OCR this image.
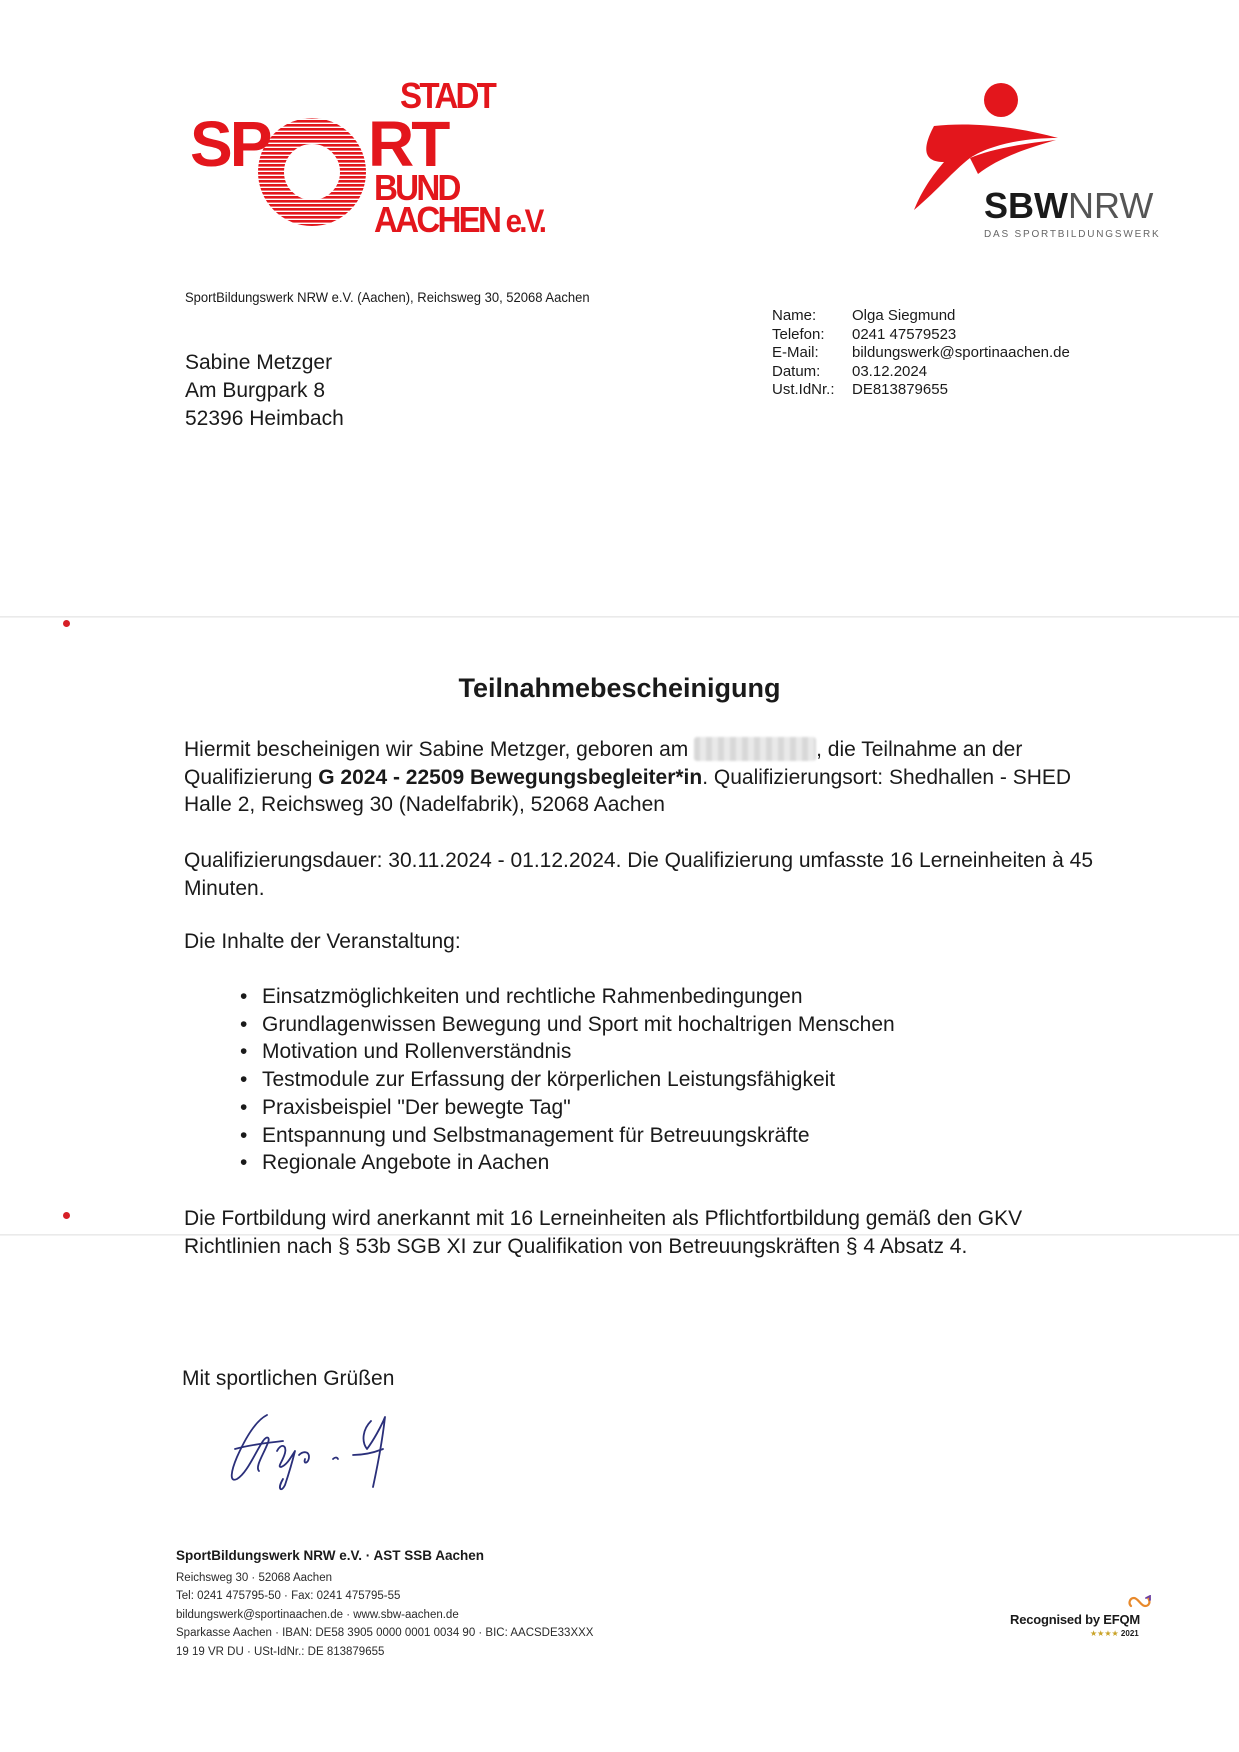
STADT
SP RT
BUND
AACHEN e.V.	SBWNRW
DAS SPORTBILDUNGSWERK
SportBildungswerk NRW e.V. (Aachen), Reichsweg 30, 52068 Aachen
Sabine Metzger
Am Burgpark 8
52396 Heimbach
Name:	Olga Siegmund
Telefon:	0241 47579523
E-Mail:	bildungswerk@sportinaachen.de
Datum:	03.12.2024
Ust.IdNr.:	DE813879655
Teilnahmebescheinigung
Hiermit bescheinigen wir Sabine Metzger, geboren am	, die Teilnahme an der Qualifizierung G 2024 - 22509 Bewegungsbegleiter*in. Qualifizierungsort: Shedhallen - SHED Halle 2, Reichsweg 30 (Nadelfabrik), 52068 Aachen
Qualifizierungsdauer: 30.11.2024 - 01.12.2024. Die Qualifizierung umfasste 16 Lerneinheiten à 45 Minuten.
Die Inhalte der Veranstaltung:
• Einsatzmöglichkeiten und rechtliche Rahmenbedingungen
• Grundlagenwissen Bewegung und Sport mit hochaltrigen Menschen
• Motivation und Rollenverständnis
• Testmodule zur Erfassung der körperlichen Leistungsfähigkeit
• Praxisbeispiel "Der bewegte Tag"
• Entspannung und Selbstmanagement für Betreuungskräfte
• Regionale Angebote in Aachen
Die Fortbildung wird anerkannt mit 16 Lerneinheiten als Pflichtfortbildung gemäß den GKV Richtlinien nach § 53b SGB XI zur Qualifikation von Betreuungskräften § 4 Absatz 4.
Mit sportlichen Grüßen
SportBildungswerk NRW e.V. · AST SSB Aachen
Reichsweg 30 · 52068 Aachen
Tel: 0241 475795-50 · Fax: 0241 475795-55
bildungswerk@sportinaachen.de · www.sbw-aachen.de
Sparkasse Aachen · IBAN: DE58 3905 0000 0001 0034 90 · BIC: AACSDE33XXX
19 19 VR DU · USt-IdNr.: DE 813879655
Recognised by EFQM
★★★★ 2021
